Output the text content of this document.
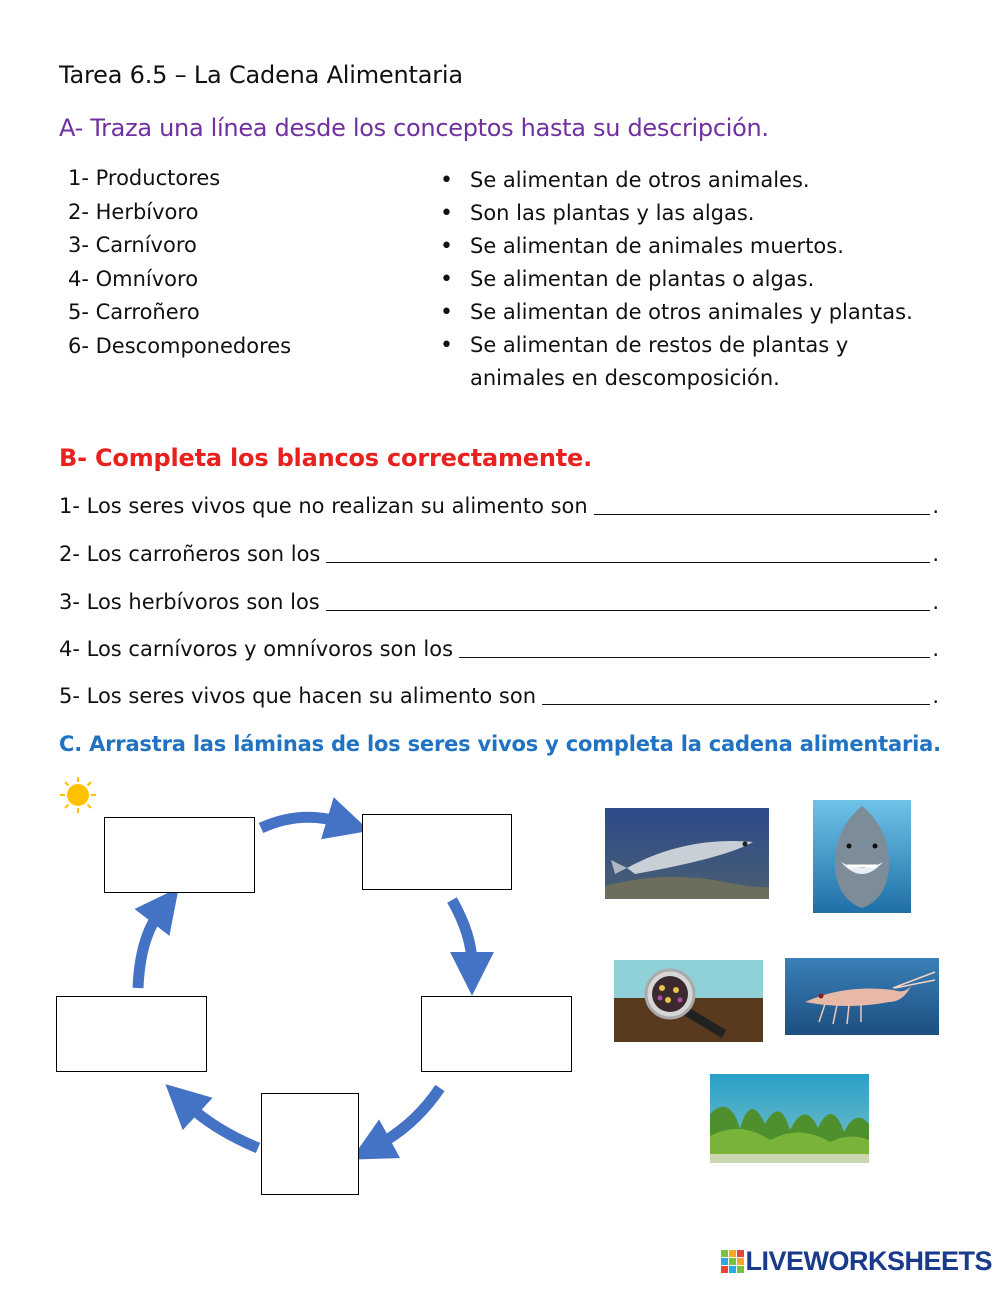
Tarea 6.5 – La Cadena Alimentaria
A- Traza una línea desde los conceptos hasta su descripción.
1- Productores
2- Herbívoro
3- Carnívoro
4- Omnívoro
5- Carroñero
6- Descomponedores
• Se alimentan de otros animales.
• Son las plantas y las algas.
• Se alimentan de animales muertos.
• Se alimentan de plantas o algas.
• Se alimentan de otros animales y plantas.
• Se alimentan de restos de plantas y animales en descomposición.
B- Completa los blancos correctamente.
1- Los seres vivos que no realizan su alimento son	.
2- Los carroñeros son los	.
3- Los herbívoros son los	.
4- Los carnívoros y omnívoros son los	.
5- Los seres vivos que hacen su alimento son	.
C. Arrastra las láminas de los seres vivos y completa la cadena alimentaria.
LIVEWORKSHEETS
